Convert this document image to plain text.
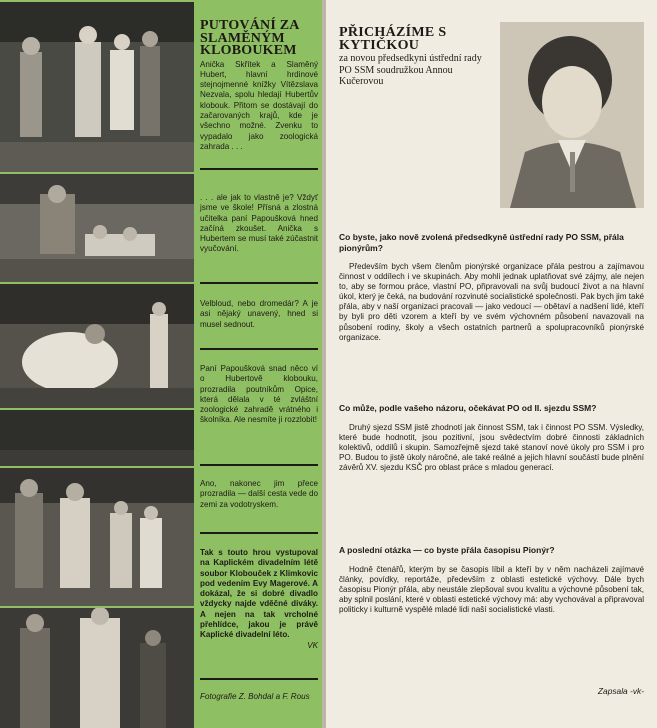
PUTOVÁNÍ ZA SLAMĚNÝM KLOBOUKEM

Anička Skřítek a Slaměný Hubert, hlavní hrdinové stejnojmenné knížky Vítězslava Nezvala, spolu hledají Hubertův klobouk. Přitom se dostávají do začarovaných krajů, kde je všechno možné. Zvenku to vypadalo jako zoologická zahrada . . .

. . . ale jak to vlastně je? Vždyť jsme ve škole! Přísná a zlostná učitelka paní Papoušková hned začíná zkoušet. Anička s Hubertem se musí také zúčastnit vyučování.

Velbloud, nebo dromedár? A je asi nějaký unavený, hned si musel sednout.

Paní Papoušková snad něco ví o Hubertově klobouku, prozradila poutníkům Opice, která dělala v té zvláštní zoologické zahradě vrátného i školníka. Ale nesmíte ji rozzlobit!

Ano, nakonec jim přece prozradila — další cesta vede do zemi za vodotryskem.

Tak s touto hrou vystupoval na Kaplickém divadelním létě soubor Klobouček z Klimkovic pod vedením Evy Magerové. A dokázal, že si dobré divadlo vždycky najde vděčné diváky. A nejen na tak vrcholné přehlídce, jakou je právě Kaplické divadelní léto.

VK

Fotografie Z. Bohdal a F. Rous

PŘICHÁZÍME S KYTIČKOU

za novou předsedkyni ústřední rady PO SSM soudružkou Annou Kučerovou

Co byste, jako nově zvolená předsedkyně ústřední rady PO SSM, přála pionýrům?

Především bych všem členům pionýrské organizace přála pestrou a zajímavou činnost v oddílech i ve skupinách. Aby mohli jednak uplatňovat své zájmy, ale nejen to, aby se formou práce, vlastní PO, připravovali na svůj budoucí život a na hlavní úkol, který je čeká, na budování rozvinuté socialistické společnosti. Pak bych jim také přála, aby v naší organizaci pracovali — jako vedoucí — obětaví a nadšení lidé, kteří by byli pro děti vzorem a kteří by ve svém výchovném působení navazovali na působení rodiny, školy a všech ostatních partnerů a spolupracovníků pionýrské organizace.

Co může, podle vašeho názoru, očekávat PO od II. sjezdu SSM?

Druhý sjezd SSM jistě zhodnotí jak činnost SSM, tak i činnost PO SSM. Výsledky, které bude hodnotit, jsou pozitivní, jsou svědectvím dobré činnosti základních kolektivů, oddílů i skupin. Samozřejmě sjezd také stanoví nové úkoly pro SSM i pro PO. Budou to jistě úkoly náročné, ale také reálné a jejich hlavní součástí bude plnění závěrů XV. sjezdu KSČ pro oblast práce s mladou generací.

A poslední otázka — co byste přála časopisu Pionýr?

Hodně čtenářů, kterým by se časopis líbil a kteří by v něm nacházeli zajímavé články, povídky, reportáže, především z oblasti estetické výchovy. Dále bych časopisu Pionýr přála, aby neustále zlepšoval svou kvalitu a výchovné působení tak, aby splnil poslání, které v oblasti estetické výchovy má: aby vychovával a připravoval politicky i kulturně vyspělé mladé lidi naší socialistické vlasti.

Zapsala -vk-
